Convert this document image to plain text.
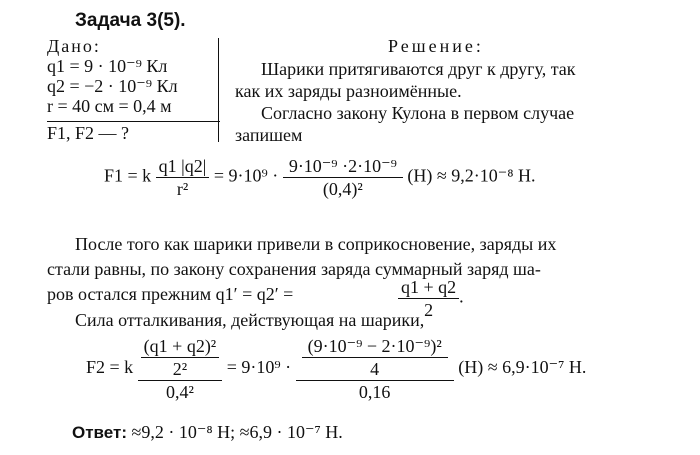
Задача 3(5).
Дано:
q1 = 9 · 10⁻⁹ Кл
q2 = −2 · 10⁻⁹ Кл
r = 40 см = 0,4 м
F1, F2 — ?
Решение:
Шарики притягиваются друг к другу, так
как их заряды разноимённые.
Согласно закону Кулона в первом случае
запишем
F1 = k $\frac{q1 |q2|}{\text{r²}} = 9\cdot 10^9 \cdot \frac{\text{9·10⁻⁹ ·2·10⁻⁹}}{\text{(0,4)²}} (Н) \approx 9,2\cdot 10^{-8}$ Н.
После того как шарики привели в соприкосновение, заряды их
стали равны, по закону сохранения заряда суммарный заряд ша-
ров остался прежним q1′ = q2′ =	$\frac{q1 + q2}{2}$ .
Сила отталкивания, действующая на шарики,
F2 = k $\frac{\frac{\text{(q1 + q2)²}}{\text{2²}}}{\text{0,4²}} = 9\cdot 10^9 \cdot \frac{\frac{\text{(9·10⁻⁹ − 2·10⁻⁹)²}}{4}}{0,16} (Н) \approx 6,9\cdot 10^{-7}$ Н.
Ответ: ≈9,2 · 10⁻⁸ Н; ≈6,9 · 10⁻⁷ Н.
